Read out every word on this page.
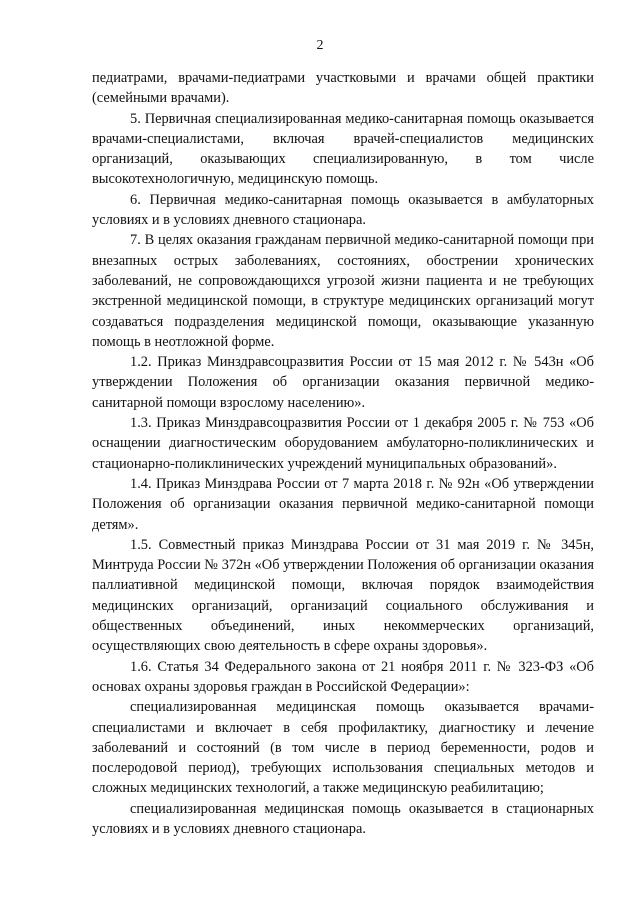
2

педиатрами, врачами-педиатрами участковыми и врачами общей практики (семейными врачами).

5. Первичная специализированная медико-санитарная помощь оказывается врачами-специалистами, включая врачей-специалистов медицинских организаций, оказывающих специализированную, в том числе высокотехнологичную, медицинскую помощь.

6. Первичная медико-санитарная помощь оказывается в амбулаторных условиях и в условиях дневного стационара.

7. В целях оказания гражданам первичной медико-санитарной помощи при внезапных острых заболеваниях, состояниях, обострении хронических заболеваний, не сопровождающихся угрозой жизни пациента и не требующих экстренной медицинской помощи, в структуре медицинских организаций могут создаваться подразделения медицинской помощи, оказывающие указанную помощь в неотложной форме.

1.2. Приказ Минздравсоцразвития России от 15 мая 2012 г. № 543н «Об утверждении Положения об организации оказания первичной медико-санитарной помощи взрослому населению».

1.3. Приказ Минздравсоцразвития России от 1 декабря 2005 г. № 753 «Об оснащении диагностическим оборудованием амбулаторно-поликлинических и стационарно-поликлинических учреждений муниципальных образований».

1.4. Приказ Минздрава России от 7 марта 2018 г. № 92н «Об утверждении Положения об организации оказания первичной медико-санитарной помощи детям».

1.5. Совместный приказ Минздрава России от 31 мая 2019 г. № 345н, Минтруда России № 372н «Об утверждении Положения об организации оказания паллиативной медицинской помощи, включая порядок взаимодействия медицинских организаций, организаций социального обслуживания и общественных объединений, иных некоммерческих организаций, осуществляющих свою деятельность в сфере охраны здоровья».

1.6. Статья 34 Федерального закона от 21 ноября 2011 г. № 323-ФЗ «Об основах охраны здоровья граждан в Российской Федерации»:

специализированная медицинская помощь оказывается врачами-специалистами и включает в себя профилактику, диагностику и лечение заболеваний и состояний (в том числе в период беременности, родов и послеродовой период), требующих использования специальных методов и сложных медицинских технологий, а также медицинскую реабилитацию;

специализированная медицинская помощь оказывается в стационарных условиях и в условиях дневного стационара.
